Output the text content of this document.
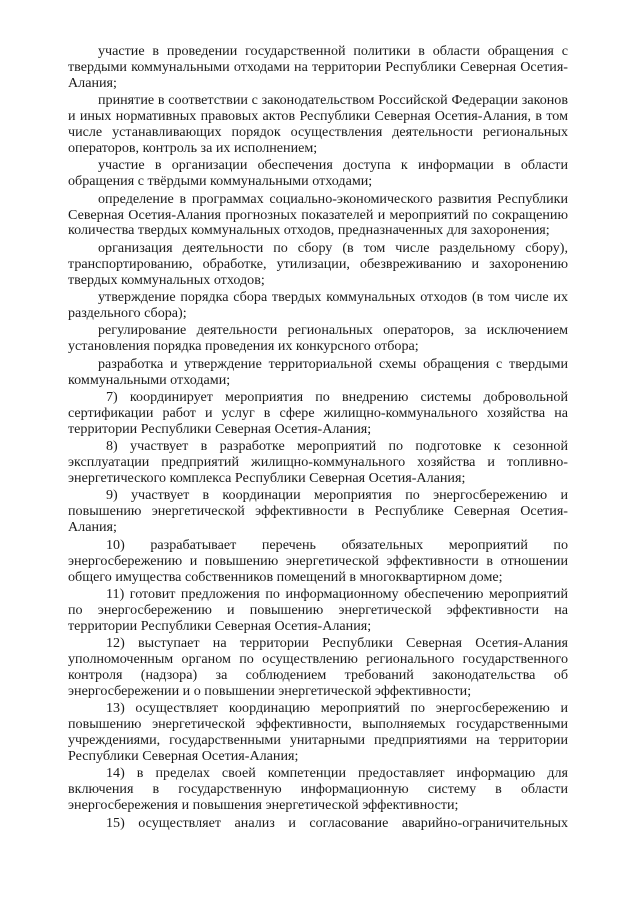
участие в проведении государственной политики в области обращения с твердыми коммунальными отходами на территории Республики Северная Осетия-Алания;

принятие в соответствии с законодательством Российской Федерации законов и иных нормативных правовых актов Республики Северная Осетия-Алания, в том числе устанавливающих порядок осуществления деятельности региональных операторов, контроль за их исполнением;

участие в организации обеспечения доступа к информации в области обращения с твёрдыми коммунальными отходами;

определение в программах социально-экономического развития Республики Северная Осетия-Алания прогнозных показателей и мероприятий по сокращению количества твердых коммунальных отходов, предназначенных для захоронения;

организация деятельности по сбору (в том числе раздельному сбору), транспортированию, обработке, утилизации, обезвреживанию и захоронению твердых коммунальных отходов;

утверждение порядка сбора твердых коммунальных отходов (в том числе их раздельного сбора);

регулирование деятельности региональных операторов, за исключением установления порядка проведения их конкурсного отбора;

разработка и утверждение территориальной схемы обращения с твердыми коммунальными отходами;

7) координирует мероприятия по внедрению системы добровольной сертификации работ и услуг в сфере жилищно-коммунального хозяйства на территории Республики Северная Осетия-Алания;

8) участвует в разработке мероприятий по подготовке к сезонной эксплуатации предприятий жилищно-коммунального хозяйства и топливно-энергетического комплекса Республики Северная Осетия-Алания;

9) участвует в координации мероприятия по энергосбережению и повышению энергетической эффективности в Республике Северная Осетия-Алания;

10) разрабатывает перечень обязательных мероприятий по энергосбережению и повышению энергетической эффективности в отношении общего имущества собственников помещений в многоквартирном доме;

11) готовит предложения по информационному обеспечению мероприятий по энергосбережению и повышению энергетической эффективности на территории Республики Северная Осетия-Алания;

12) выступает на территории Республики Северная Осетия-Алания уполномоченным органом по осуществлению регионального государственного контроля (надзора) за соблюдением требований законодательства об энергосбережении и о повышении энергетической эффективности;

13) осуществляет координацию мероприятий по энергосбережению и повышению энергетической эффективности, выполняемых государственными учреждениями, государственными унитарными предприятиями на территории Республики Северная Осетия-Алания;

14) в пределах своей компетенции предоставляет информацию для включения в государственную информационную систему в области энергосбережения и повышения энергетической эффективности;

15) осуществляет анализ и согласование аварийно-ограничительных
